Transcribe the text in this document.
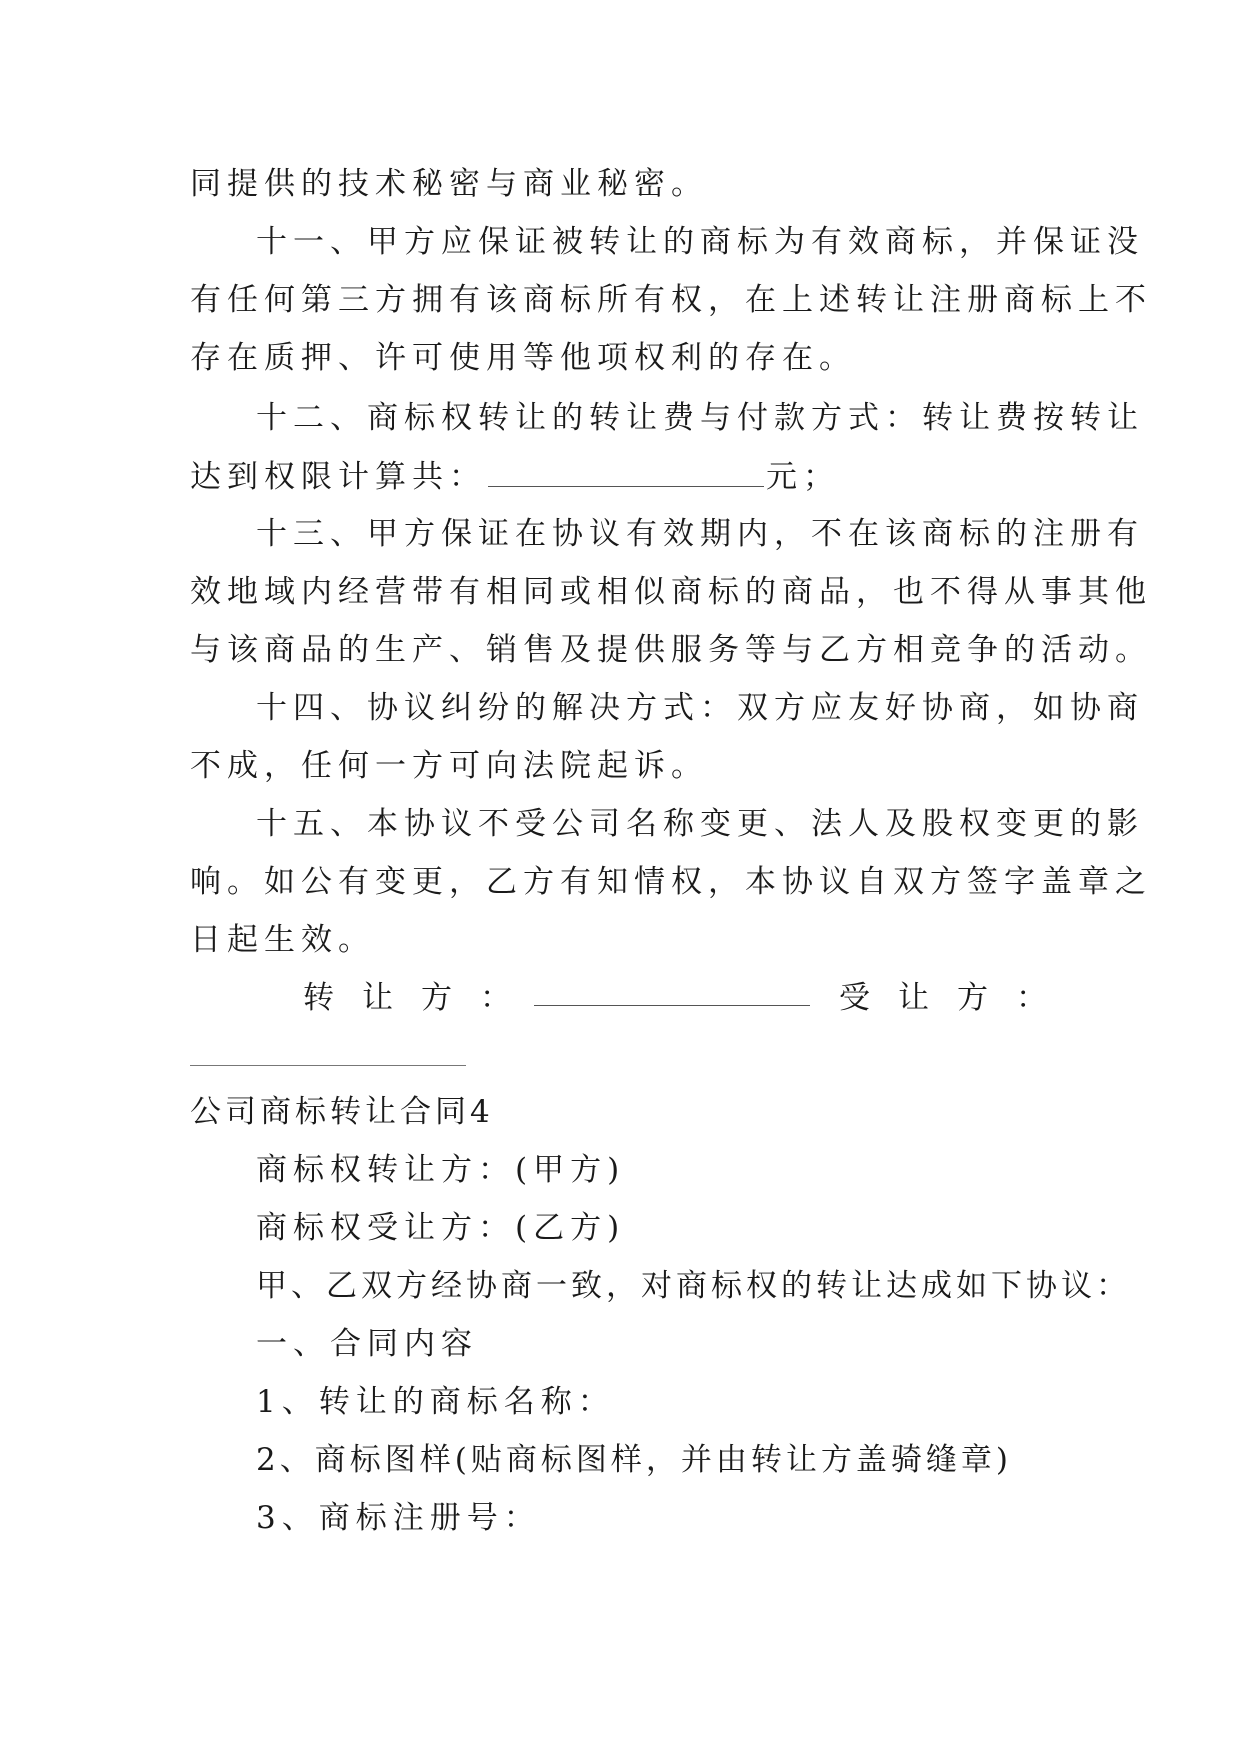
同提供的技术秘密与商业秘密。
十一、甲方应保证被转让的商标为有效商标，并保证没
有任何第三方拥有该商标所有权，在上述转让注册商标上不
存在质押、许可使用等他项权利的存在。
十二、商标权转让的转让费与付款方式：转让费按转让
达到权限计算共：	元；
十三、甲方保证在协议有效期内，不在该商标的注册有
效地域内经营带有相同或相似商标的商品，也不得从事其他
与该商品的生产、销售及提供服务等与乙方相竞争的活动。
十四、协议纠纷的解决方式：双方应友好协商，如协商
不成，任何一方可向法院起诉。
十五、本协议不受公司名称变更、法人及股权变更的影
响。如公有变更，乙方有知情权，本协议自双方签字盖章之
日起生效。
转让方：	受让方：
公司商标转让合同4
商标权转让方：(甲方)
商标权受让方：(乙方)
甲、乙双方经协商一致，对商标权的转让达成如下协议：
一、合同内容
1、转让的商标名称：
2、商标图样(贴商标图样，并由转让方盖骑缝章)
3、商标注册号：
